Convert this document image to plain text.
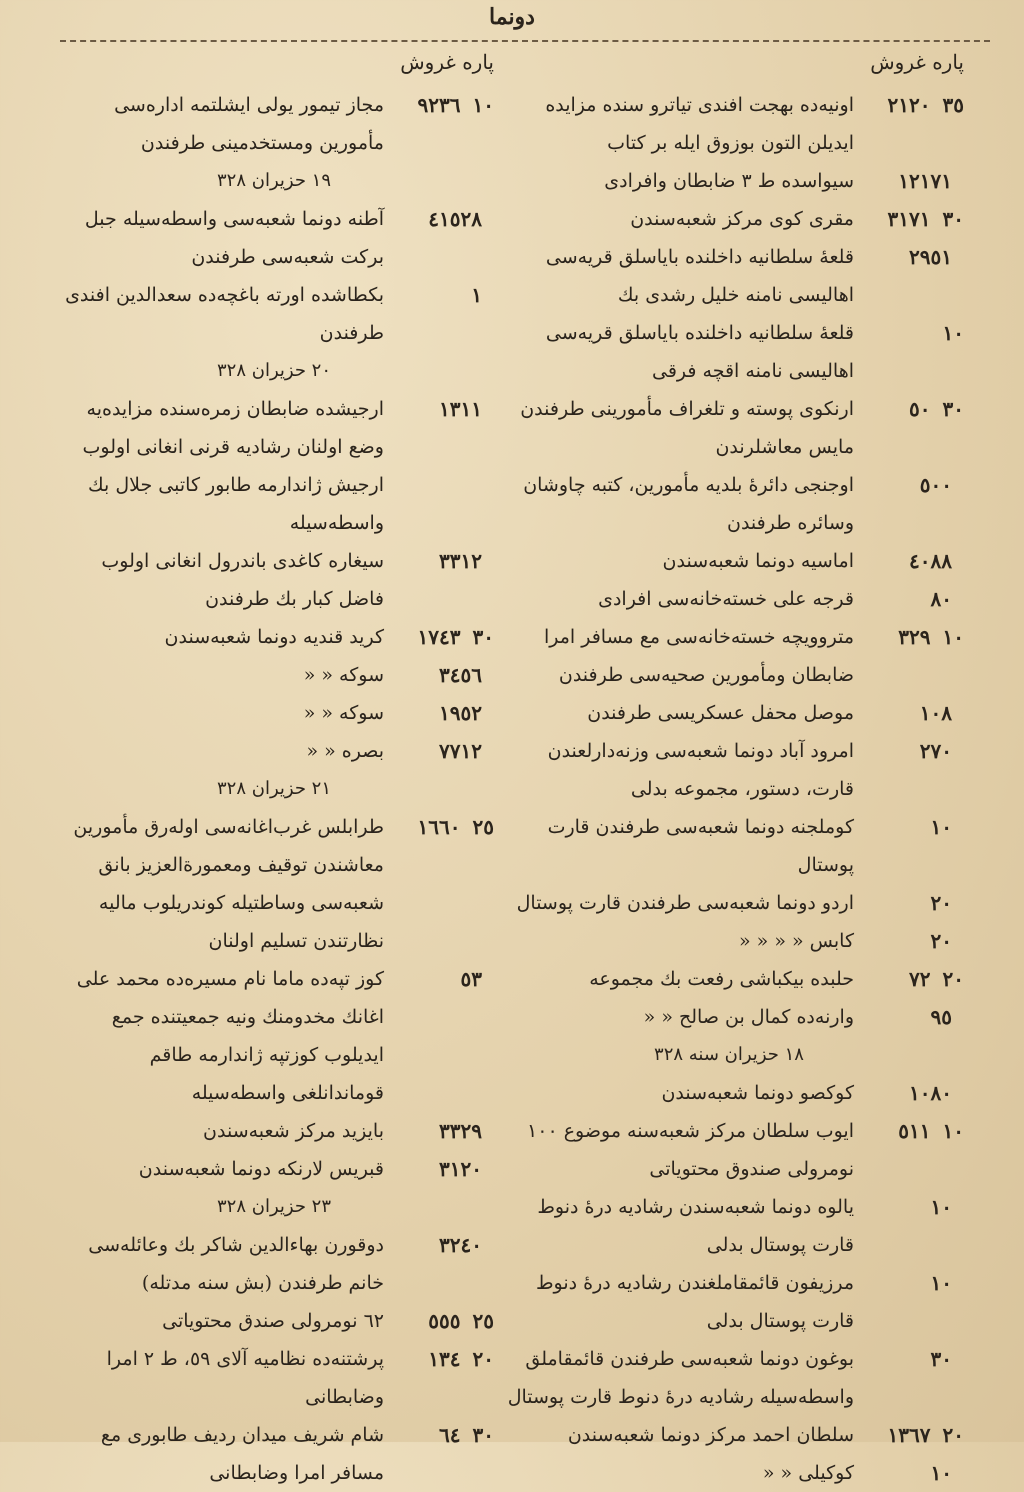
دونما
پاره غروش
٣٥
٢١٢٠
اونیه‌ده بهجت افندی تیاترو سنده مزایده ایدیلن التون بوزوق ایله بر کتاب
١٢١٧١
سیواسده ط ٣ ضابطان وافرادی
٣٠
٣١٧١
مقری کوی مرکز شعبه‌سندن
٢٩٥١
قلعهٔ سلطانیه داخلنده بایاسلق قریه‌سی اهالیسی نامنه خلیل رشدی بك
١٠
قلعهٔ سلطانیه داخلنده بایاسلق قریه‌سی اهالیسی نامنه اقچه فرقی
٣٠
٥٠
ارنکوی پوسته و تلغراف مأمورینی طرفندن مایس معاشلرندن
٥٠٠
اوجنجی دائرهٔ بلدیه مأمورین، کتبه چاوشان وسائره طرفندن
٤٠٨٨
اماسیه دونما شعبه‌سندن
٨٠
قرجه علی خسته‌خانه‌سی افرادی
١٠
٣٢٩
متروویچه خسته‌خانه‌سی مع مسافر امرا ضابطان ومأمورین صحیه‌سی طرفندن
١٠٨
موصل محفل عسکریسی طرفندن
٢٧٠
امرود آباد دونما شعبه‌سی وزنه‌دارلعندن قارت، دستور، مجموعه بدلی
١٠
کوملجنه دونما شعبه‌سی طرفندن قارت پوستال
٢٠
اردو دونما شعبه‌سی طرفندن قارت پوستال
٢٠
کابس « « « «
٢٠
٧٢
حلبده بیکباشی رفعت بك مجموعه
٩٥
وارنه‌ده کمال بن صالح « «
١٨ حزیران سنه ٣٢٨
١٠٨٠
کوکصو دونما شعبه‌سندن
١٠
٥١١
ایوب سلطان مرکز شعبه‌سنه موضوع ١٠٠ نومرولی صندوق محتویاتی
١٠
یالوه دونما شعبه‌سندن رشادیه درهٔ دنوط قارت پوستال بدلی
١٠
مرزیفون قائمقاملغندن رشادیه درهٔ دنوط قارت پوستال بدلی
٣٠
بوغون دونما شعبه‌سی طرفندن قائمقاملق واسطه‌سیله رشادیه درهٔ دنوط قارت پوستال
٢٠
١٣٦٧
سلطان احمد مرکز دونما شعبه‌سندن
١٠
کوکیلی « «
پاره غروش
١٠
٩٢٣٦
مجاز تیمور یولی ایشلتمه اداره‌سی مأمورین ومستخدمینی طرفندن
١٩ حزیران ٣٢٨
٤١٥٢٨
آطنه دونما شعبه‌سی واسطه‌سیله جبل برکت شعبه‌سی طرفندن
١
بکطاشده اورته باغچه‌ده سعدالدین افندی طرفندن
٢٠ حزیران ٣٢٨
١٣١١
ارجیشده ضابطان زمره‌سنده مزایده‌یه وضع اولنان رشادیه قرنی انغانی اولوب ارجیش ژاندارمه طابور کاتبی جلال بك واسطه‌سیله
٣٣١٢
سیغاره کاغدی باندرول انغانی اولوب فاضل کبار بك طرفندن
٣٠
١٧٤٣
کرید قندیه دونما شعبه‌سندن
٣٤٥٦
سوکه « «
١٩٥٢
سوکه « «
٧٧١٢
بصره « «
٢١ حزیران ٣٢٨
٢٥
١٦٦٠
طرابلس غرب‌اغانه‌سی اوله‌رق مأمورین معاشندن توقیف ومعمورة‌العزیز بانق شعبه‌سی وساطتیله کوندریلوب مالیه نظارتندن تسلیم اولنان
٥٣
کوز تپه‌ده ماما نام مسیره‌ده محمد علی اغانك مخدومنك ونیه جمعیتنده جمع ایدیلوب کوزتپه ژاندارمه طاقم قوماندانلغی واسطه‌سیله
٣٣٢٩
بایزید مرکز شعبه‌سندن
٣١٢٠
قبریس لارنکه دونما شعبه‌سندن
٢٣ حزیران ٣٢٨
٣٢٤٠
دوقورن بهاءالدین شاکر بك وعائله‌سی خانم طرفندن (بش سنه مدتله)
٢٥
٥٥٥
٦٢ نومرولی صندق محتویاتی
٢٠
١٣٤
پرشتنه‌ده نظامیه آلای ٥٩، ط ٢ امرا وضابطانی
٣٠
٦٤
شام شریف میدان ردیف طابوری مع مسافر امرا وضابطانی
